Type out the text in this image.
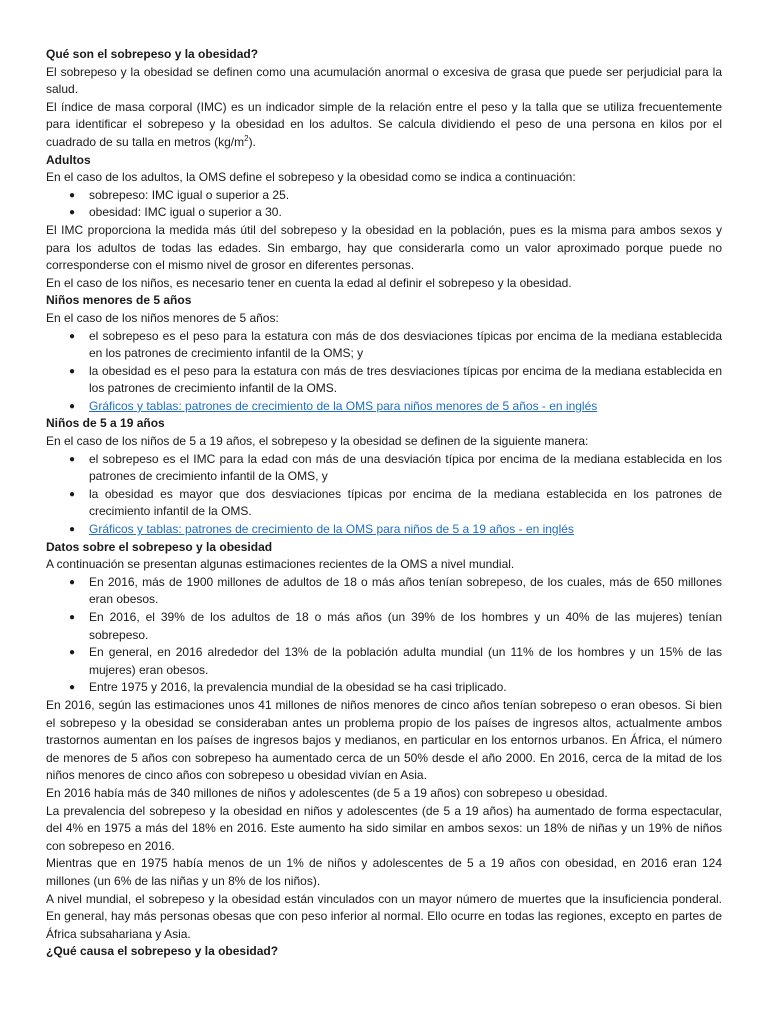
Qué son el sobrepeso y la obesidad?

El sobrepeso y la obesidad se definen como una acumulación anormal o excesiva de grasa que puede ser perjudicial para la salud.

El índice de masa corporal (IMC) es un indicador simple de la relación entre el peso y la talla que se utiliza frecuentemente para identificar el sobrepeso y la obesidad en los adultos. Se calcula dividiendo el peso de una persona en kilos por el cuadrado de su talla en metros $(kg/m^2)$.

Adultos

En el caso de los adultos, la OMS define el sobrepeso y la obesidad como se indica a continuación:

● sobrepeso: IMC igual o superior a 25.
● obesidad: IMC igual o superior a 30.

El IMC proporciona la medida más útil del sobrepeso y la obesidad en la población, pues es la misma para ambos sexos y para los adultos de todas las edades. Sin embargo, hay que considerarla como un valor aproximado porque puede no corresponderse con el mismo nivel de grosor en diferentes personas.

En el caso de los niños, es necesario tener en cuenta la edad al definir el sobrepeso y la obesidad.

Niños menores de 5 años

En el caso de los niños menores de 5 años:

● el sobrepeso es el peso para la estatura con más de dos desviaciones típicas por encima de la mediana establecida en los patrones de crecimiento infantil de la OMS; y
● la obesidad es el peso para la estatura con más de tres desviaciones típicas por encima de la mediana establecida en los patrones de crecimiento infantil de la OMS.
● Gráficos y tablas: patrones de crecimiento de la OMS para niños menores de 5 años - en inglés

Niños de 5 a 19 años

En el caso de los niños de 5 a 19 años, el sobrepeso y la obesidad se definen de la siguiente manera:

● el sobrepeso es el IMC para la edad con más de una desviación típica por encima de la mediana establecida en los patrones de crecimiento infantil de la OMS, y
● la obesidad es mayor que dos desviaciones típicas por encima de la mediana establecida en los patrones de crecimiento infantil de la OMS.
● Gráficos y tablas: patrones de crecimiento de la OMS para niños de 5 a 19 años - en inglés

Datos sobre el sobrepeso y la obesidad

A continuación se presentan algunas estimaciones recientes de la OMS a nivel mundial.

● En 2016, más de 1900 millones de adultos de 18 o más años tenían sobrepeso, de los cuales, más de 650 millones eran obesos.
● En 2016, el 39% de los adultos de 18 o más años (un 39% de los hombres y un 40% de las mujeres) tenían sobrepeso.
● En general, en 2016 alrededor del 13% de la población adulta mundial (un 11% de los hombres y un 15% de las mujeres) eran obesos.
● Entre 1975 y 2016, la prevalencia mundial de la obesidad se ha casi triplicado.

En 2016, según las estimaciones unos 41 millones de niños menores de cinco años tenían sobrepeso o eran obesos. Si bien el sobrepeso y la obesidad se consideraban antes un problema propio de los países de ingresos altos, actualmente ambos trastornos aumentan en los países de ingresos bajos y medianos, en particular en los entornos urbanos. En África, el número de menores de 5 años con sobrepeso ha aumentado cerca de un 50% desde el año 2000. En 2016, cerca de la mitad de los niños menores de cinco años con sobrepeso u obesidad vivían en Asia.

En 2016 había más de 340 millones de niños y adolescentes (de 5 a 19 años) con sobrepeso u obesidad.

La prevalencia del sobrepeso y la obesidad en niños y adolescentes (de 5 a 19 años) ha aumentado de forma espectacular, del 4% en 1975 a más del 18% en 2016. Este aumento ha sido similar en ambos sexos: un 18% de niñas y un 19% de niños con sobrepeso en 2016.

Mientras que en 1975 había menos de un 1% de niños y adolescentes de 5 a 19 años con obesidad, en 2016 eran 124 millones (un 6% de las niñas y un 8% de los niños).

A nivel mundial, el sobrepeso y la obesidad están vinculados con un mayor número de muertes que la insuficiencia ponderal. En general, hay más personas obesas que con peso inferior al normal. Ello ocurre en todas las regiones, excepto en partes de África subsahariana y Asia.

¿Qué causa el sobrepeso y la obesidad?
